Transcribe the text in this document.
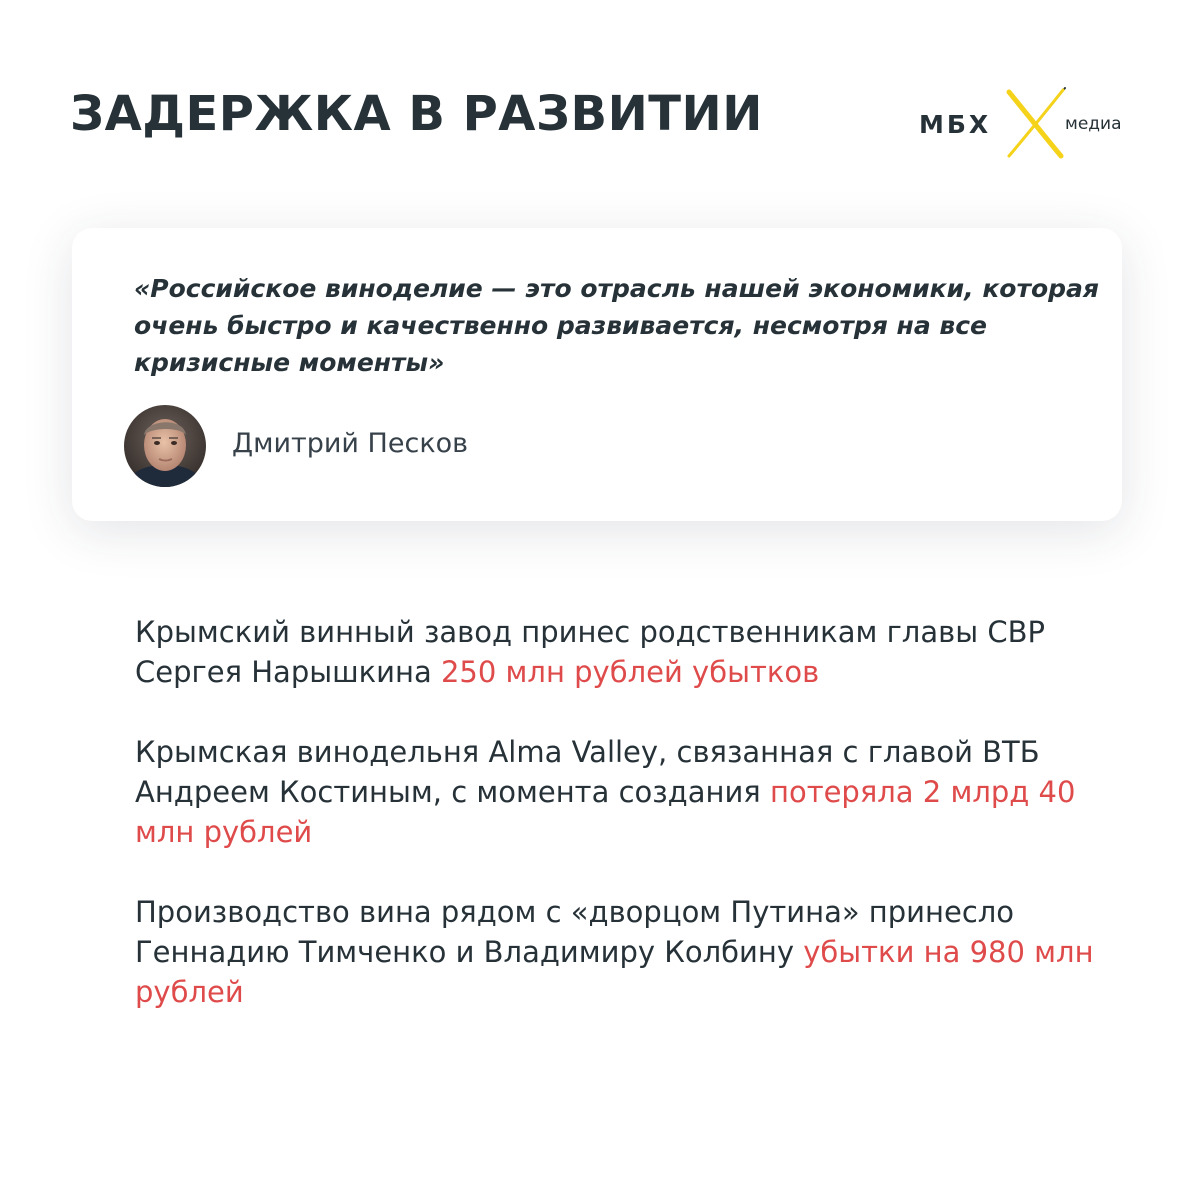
ЗАДЕРЖКА В РАЗВИТИИ	МБХ	медиа

«Российское виноделие — это отрасль нашей экономики, которая очень быстро и качественно развивается, несмотря на все кризисные моменты»

Дмитрий Песков

Крымский винный завод принес родственникам главы СВР Сергея Нарышкина 250 млн рублей убытков

Крымская винодельня Alma Valley, связанная с главой ВТБ Андреем Костиным, с момента создания потеряла 2 млрд 40 млн рублей

Производство вина рядом с «дворцом Путина» принесло Геннадию Тимченко и Владимиру Колбину убытки на 980 млн рублей
